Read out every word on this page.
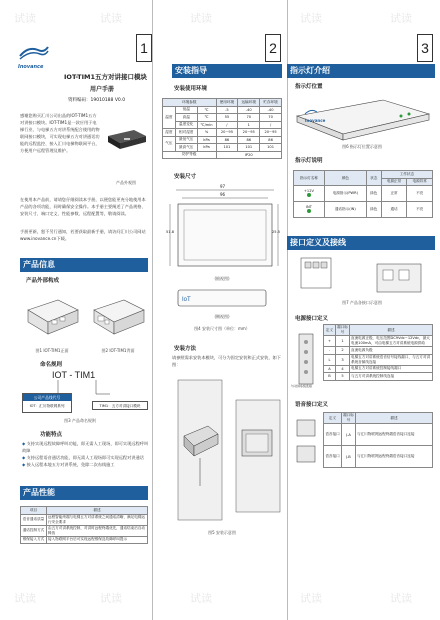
试读	试读	试读	试读	试读
试读	试读	试读	试读	试读
1
Inovance
IOT-TIM1五方对讲接口模块
用户手册
资料编码：19010188 V0.0
感谢您购买汇川公司出品的IOT-TIM1五方对讲接口模块。IOT-TIM1是一款应用于电梯行业、与电梯五方对讲系统配合使用的物联网接口模块，可实现电梯五方对讲通话功能的远程监控、接入汇川电梯物联网平台，方便用户远程管理及维护。
产品外观图
在使用本产品前，请请您仔细阅读本手册，以便您能更充分地使用本产品的各项功能，同时确保安全操作。本手册主要阐述了产品规格、安装尺寸、端口定义、性能参数、远程配置等，敬请阅读。
手册更新，恕不另行通知，若要获取最新手册，请访问汇川公司网站www.inovance.cn下载。
产品信息
产品外部构成
图1 IOT-TIM1正面	图2 IOT-TIM1背面
命名规则
IOT - TIM1
公司产品线代号
IOT：汇川物联网系列	TIM1：五方对讲接口模块
图3 产品命名规则
功能特点
◆ 支持实现远程故障呼叫功能，即无需人工现场，即可实现远程呼叫故障
◆ 支持远程语音通话功能，即无需人工现场即可实现远程对讲通话
◆ 接入远程本地五方对讲系统，免除二次布线施工
产品性能
项目	描述
语音通话质量	远程智能终端与电梯五方对讲系统之间通话清晰，满足电梯运行安全要求
通话控制方式	由五方对讲系统控制，对讲时远程终端优先，通话结束后自动释放
维保接入方式	接入物联网平台后可实现远程维保及故障呼叫提示
2
安装指导
安装使用环境
环境参数			使用环境	运输环境	贮存环境
温度	低温	℃	-5	-40	-40
	高温	℃	55	70	70
	温度变化	℃/min	/	1	/
湿度	相对湿度	%	20~95	20~95	20~95
气压	最低气压	kPa	86	86	86
	最高气压	kPa	101	101	101
防护等级			IP20		
安装尺寸
97
96
51.8	25.5
(俯视图)
IoT
(侧视图)
图4 安装尺寸图（单位：mm）
安装方法
请参照需求安装本模块，可分为固定安装和正式安装，如下图：
图5 安装示意图
3
指示灯介绍
指示灯位置
Inovance
图6 指示灯位置示意图
指示灯说明
指示灯名称	颜色	状态	工作状态	
			电源正常	电源异常

+12V	电源指示(PWR)	绿色	正常	不亮

INT	通话指示(IN)	绿色	通话	不亮
接口定义及接线
图7 产品各接口示意图
电源接口定义
与对讲系统连接
定义	端口标号	描述
+	1	直流电源正极，电压范围DC9Vdc~12Vdc，最大电流100mA，可由电梯五方对讲系统电源供给
-	2	直流电源负极
L	3	电梯五方对讲系统语音信号接线端口，与五方对讲系统音频线连接
A	4	电梯五方对讲系统控制接线端口
B	5	与五方对讲系统控制线连接
语音接口定义
定义	端口标号	描述
语音接口	J-A	与汇川物联网远程终端语音接口连接
语音接口	J-B	与汇川物联网远程终端语音接口连接
